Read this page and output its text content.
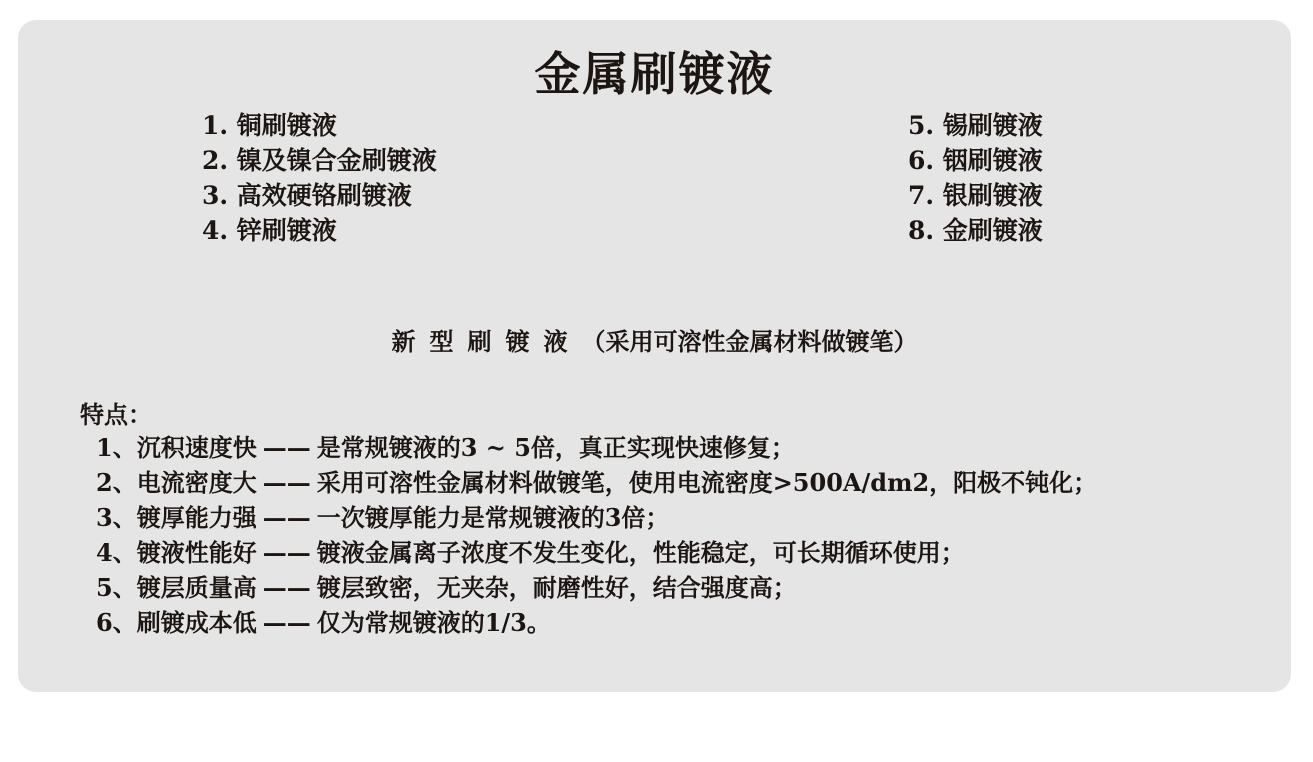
金属刷镀液
1. 铜刷镀液
2. 镍及镍合金刷镀液
3. 高效硬铬刷镀液
4. 锌刷镀液
5. 锡刷镀液
6. 铟刷镀液
7. 银刷镀液
8. 金刷镀液

新型刷镀液（采用可溶性金属材料做镀笔）

特点：

1、沉积速度快 —— 是常规镀液的3 ~ 5倍，真正实现快速修复；
2、电流密度大 —— 采用可溶性金属材料做镀笔，使用电流密度>500A/dm2，阳极不钝化；
3、镀厚能力强 —— 一次镀厚能力是常规镀液的3倍；
4、镀液性能好 —— 镀液金属离子浓度不发生变化，性能稳定，可长期循环使用；
5、镀层质量高 —— 镀层致密，无夹杂，耐磨性好，结合强度高；
6、刷镀成本低 —— 仅为常规镀液的1/3。
